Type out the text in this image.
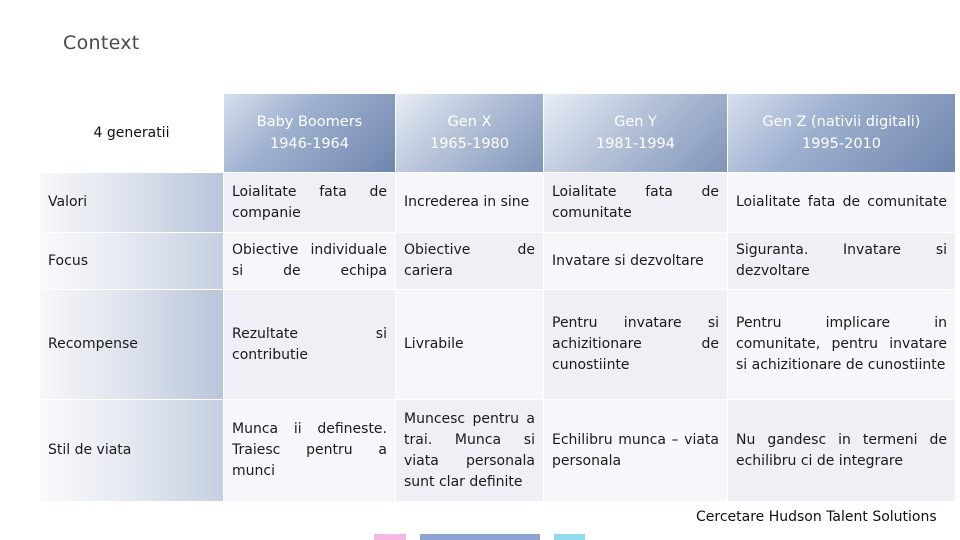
Context
4 generatii
Baby Boomers
1946-1964
Gen X
1965-1980
Gen Y
1981-1994
Gen Z (nativii digitali)
1995-2010
Valori
Loialitate fata de companie
Increderea in sine
Loialitate fata de comunitate
Loialitate fata de comunitate
Focus
Obiective individuale si de echipa
Obiective de cariera
Invatare si dezvoltare
Siguranta. Invatare si dezvoltare
Recompense
Rezultate si contributie
Livrabile
Pentru invatare si achizitionare de cunostiinte
Pentru implicare in comunitate, pentru invatare si achizitionare de cunostiinte
Stil de viata
Munca ii defineste. Traiesc pentru a munci
Muncesc pentru a trai. Munca si viata personala sunt clar definite
Echilibru munca – viata personala
Nu gandesc in termeni de echilibru ci de integrare
Cercetare Hudson Talent Solutions
